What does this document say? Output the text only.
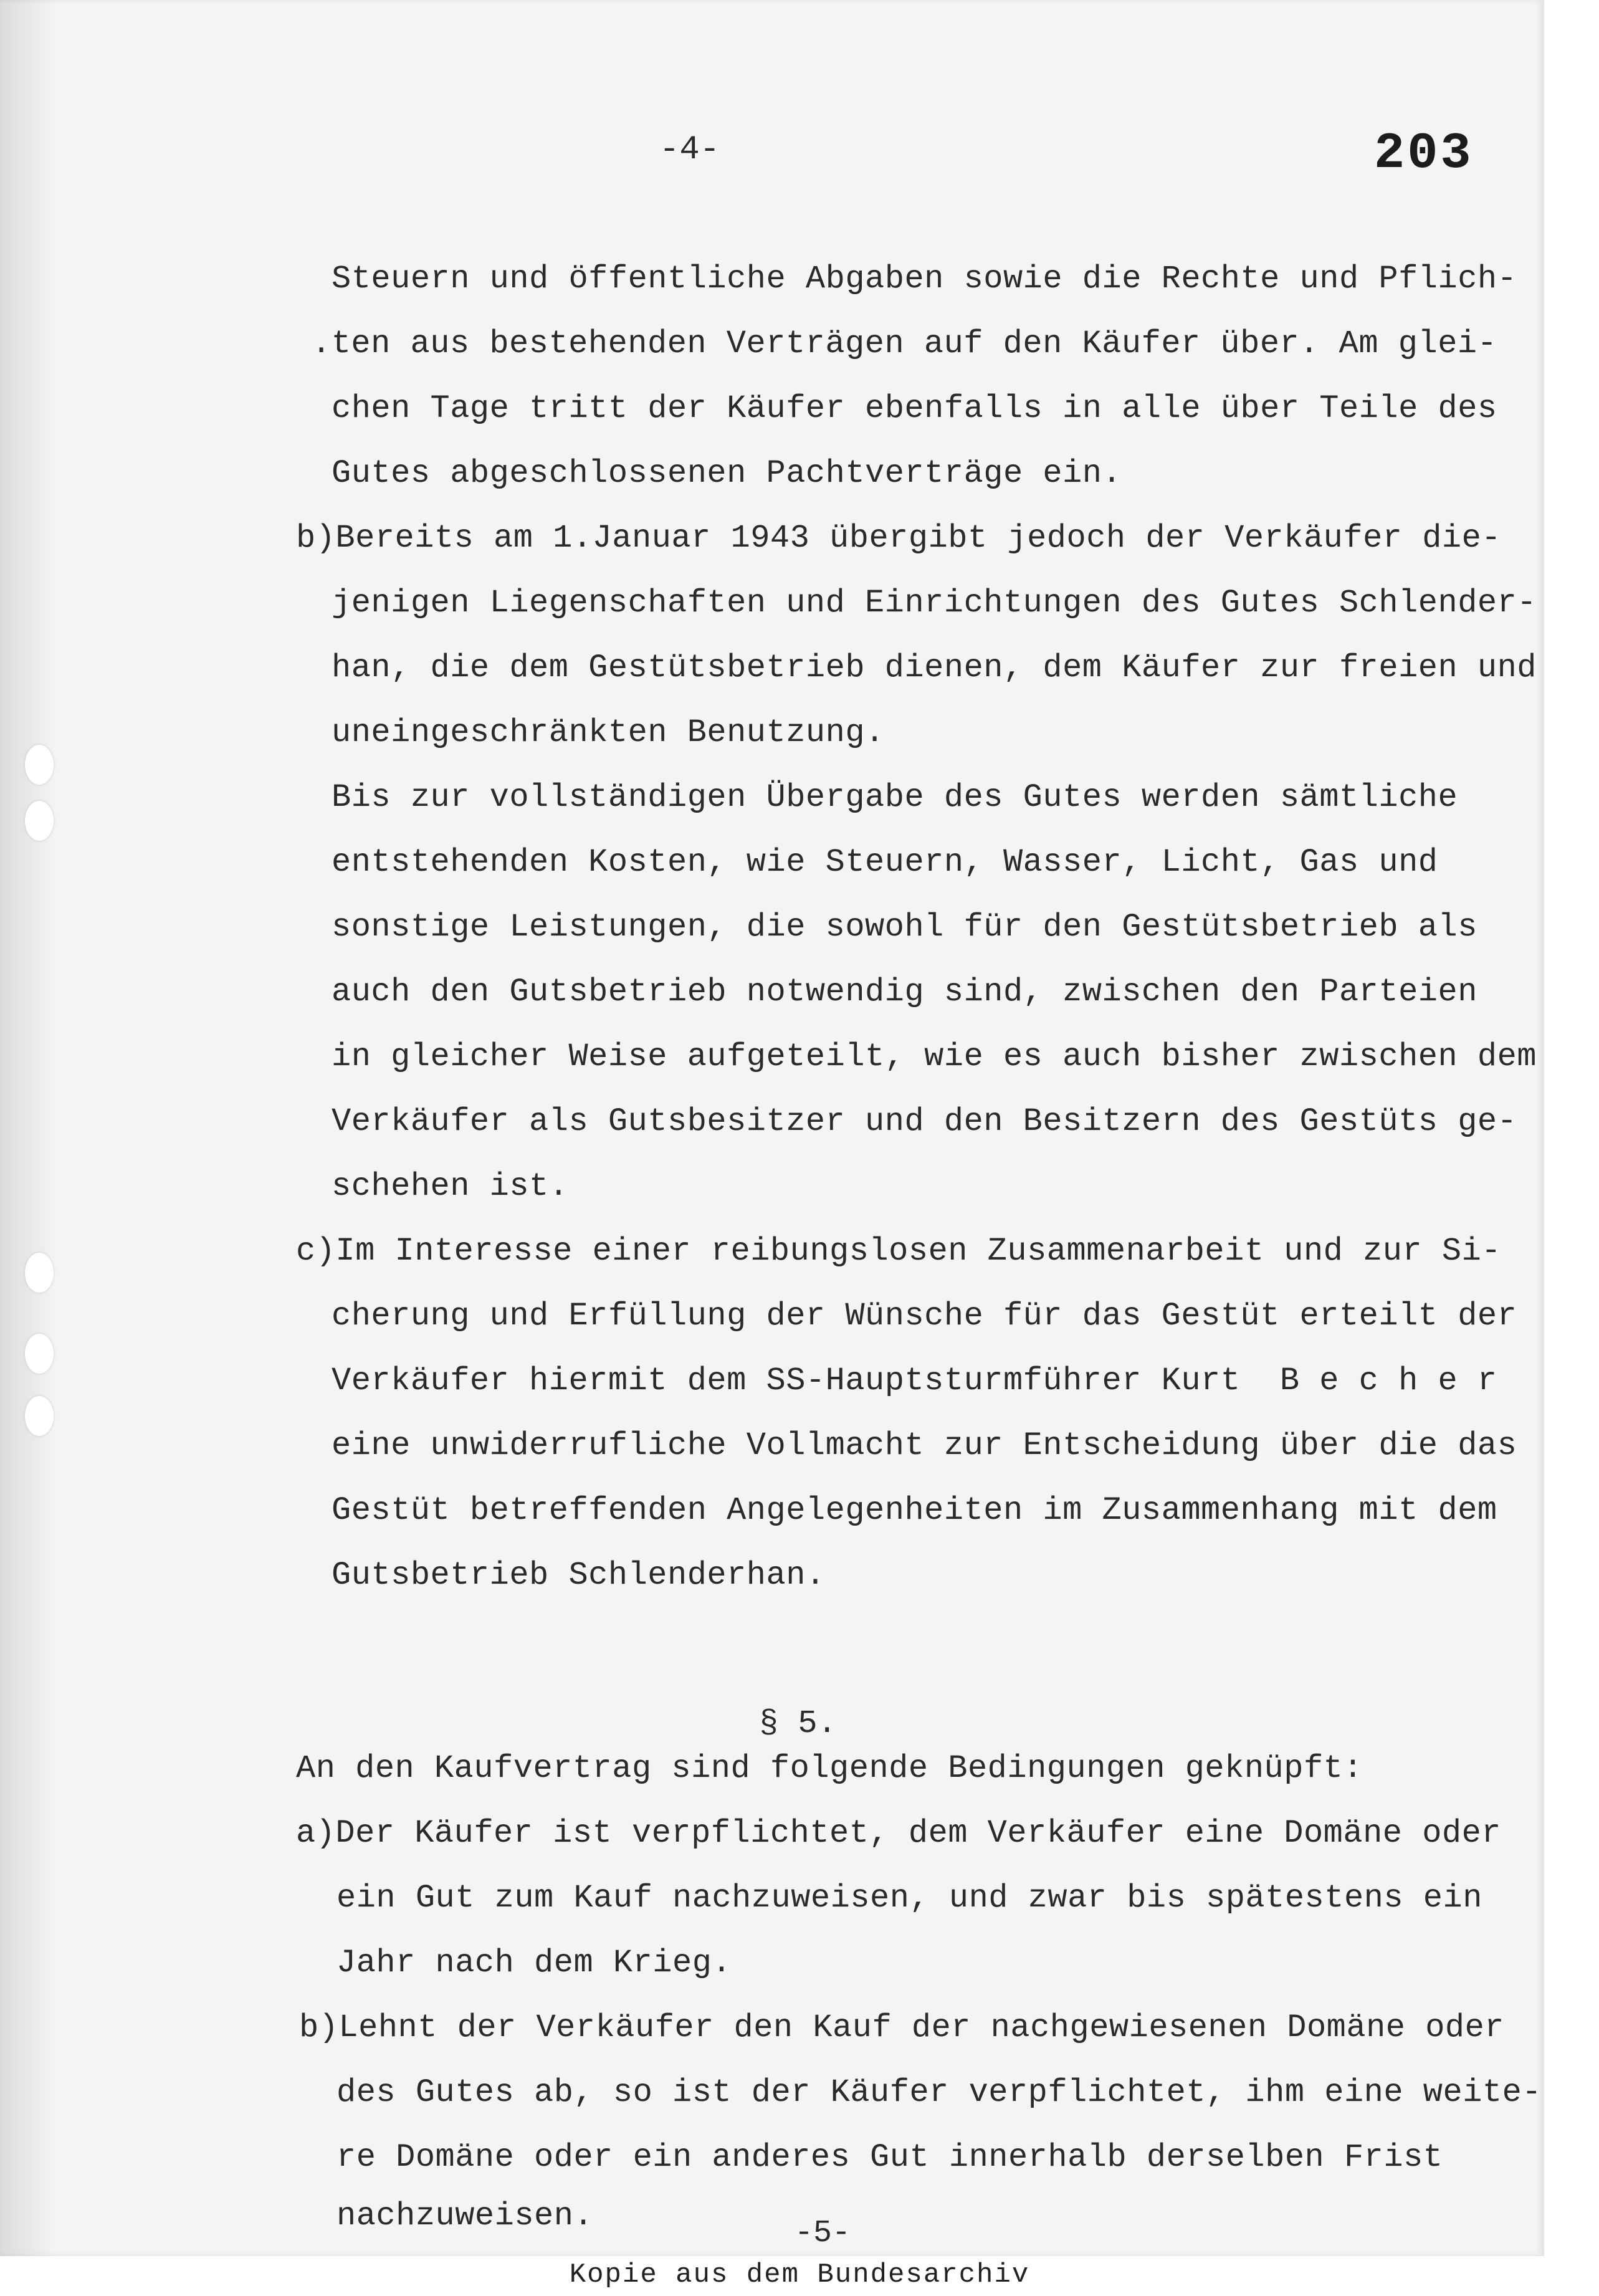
-4-	203
Steuern und öffentliche Abgaben sowie die Rechte und Pflich-
.ten aus bestehenden Verträgen auf den Käufer über. Am glei-
chen Tage tritt der Käufer ebenfalls in alle über Teile des
Gutes abgeschlossenen Pachtverträge ein.
b)Bereits am 1.Januar 1943 übergibt jedoch der Verkäufer die-
jenigen Liegenschaften und Einrichtungen des Gutes Schlender-
han, die dem Gestütsbetrieb dienen, dem Käufer zur freien und
uneingeschränkten Benutzung.
Bis zur vollständigen Übergabe des Gutes werden sämtliche
entstehenden Kosten, wie Steuern, Wasser, Licht, Gas und
sonstige Leistungen, die sowohl für den Gestütsbetrieb als
auch den Gutsbetrieb notwendig sind, zwischen den Parteien
in gleicher Weise aufgeteilt, wie es auch bisher zwischen dem
Verkäufer als Gutsbesitzer und den Besitzern des Gestüts ge-
schehen ist.
c)Im Interesse einer reibungslosen Zusammenarbeit und zur Si-
cherung und Erfüllung der Wünsche für das Gestüt erteilt der
Verkäufer hiermit dem SS-Hauptsturmführer Kurt  B e c h e r
eine unwiderrufliche Vollmacht zur Entscheidung über die das
Gestüt betreffenden Angelegenheiten im Zusammenhang mit dem
Gutsbetrieb Schlenderhan.
§ 5.
An den Kaufvertrag sind folgende Bedingungen geknüpft:
a)Der Käufer ist verpflichtet, dem Verkäufer eine Domäne oder
ein Gut zum Kauf nachzuweisen, und zwar bis spätestens ein
Jahr nach dem Krieg.
b)Lehnt der Verkäufer den Kauf der nachgewiesenen Domäne oder
des Gutes ab, so ist der Käufer verpflichtet, ihm eine weite-
re Domäne oder ein anderes Gut innerhalb derselben Frist
nachzuweisen.	-5-
Kopie aus dem Bundesarchiv
